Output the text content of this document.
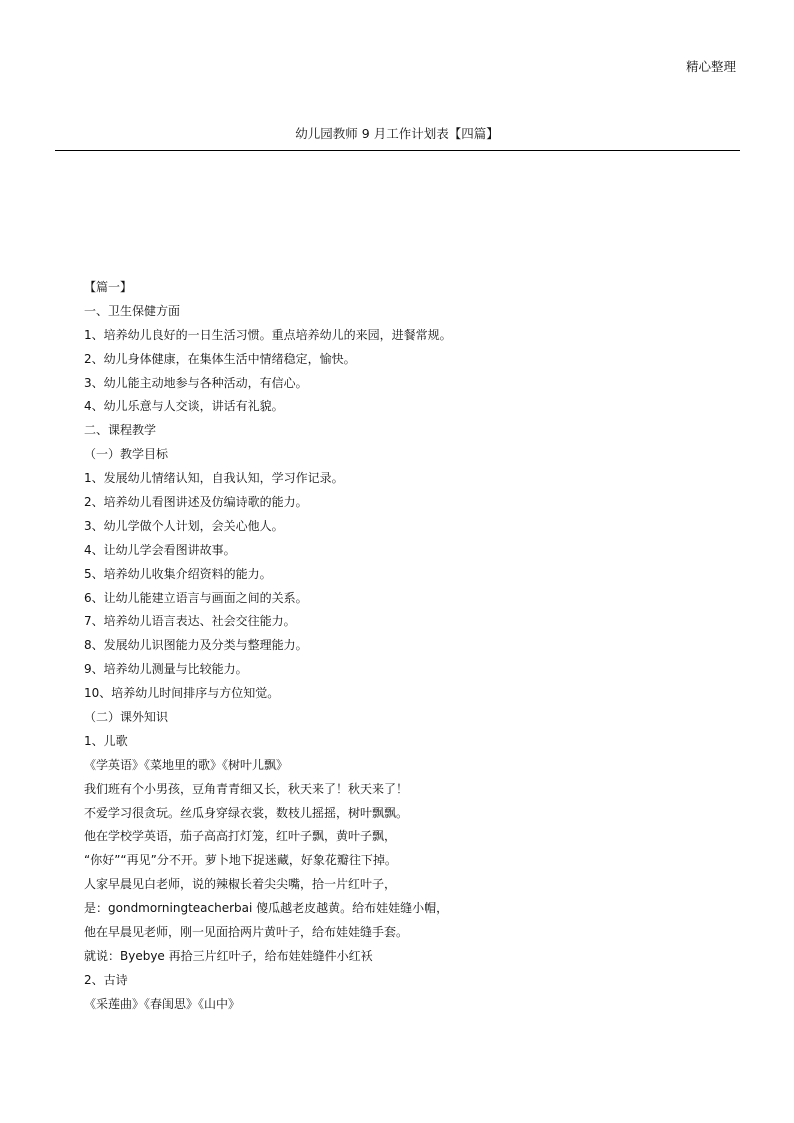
精心整理
幼儿园教师 9 月工作计划表【四篇】
【篇一】
一、卫生保健方面
1、培养幼儿良好的一日生活习惯。重点培养幼儿的来园，进餐常规。
2、幼儿身体健康，在集体生活中情绪稳定，愉快。
3、幼儿能主动地参与各种活动，有信心。
4、幼儿乐意与人交谈，讲话有礼貌。
二、课程教学
（一）教学目标
1、发展幼儿情绪认知，自我认知，学习作记录。
2、培养幼儿看图讲述及仿编诗歌的能力。
3、幼儿学做个人计划，会关心他人。
4、让幼儿学会看图讲故事。
5、培养幼儿收集介绍资料的能力。
6、让幼儿能建立语言与画面之间的关系。
7、培养幼儿语言表达、社会交往能力。
8、发展幼儿识图能力及分类与整理能力。
9、培养幼儿测量与比较能力。
10、培养幼儿时间排序与方位知觉。
（二）课外知识
1、儿歌
《学英语》《菜地里的歌》《树叶儿飘》
我们班有个小男孩，豆角青青细又长，秋天来了！秋天来了！
不爱学习很贪玩。丝瓜身穿绿衣裳，数枝儿摇摇，树叶飘飘。
他在学校学英语，茄子高高打灯笼，红叶子飘，黄叶子飘，
“你好”“再见”分不开。萝卜地下捉迷藏，好象花瓣往下掉。
人家早晨见白老师，说的辣椒长着尖尖嘴，拾一片红叶子，
是：gondmorningteacherbai 傻瓜越老皮越黄。给布娃娃缝小帽，
他在早晨见老师，刚一见面拾两片黄叶子，给布娃娃缝手套。
就说：Byebye 再拾三片红叶子，给布娃娃缝件小红袄
2、古诗
《采莲曲》《春闺思》《山中》
